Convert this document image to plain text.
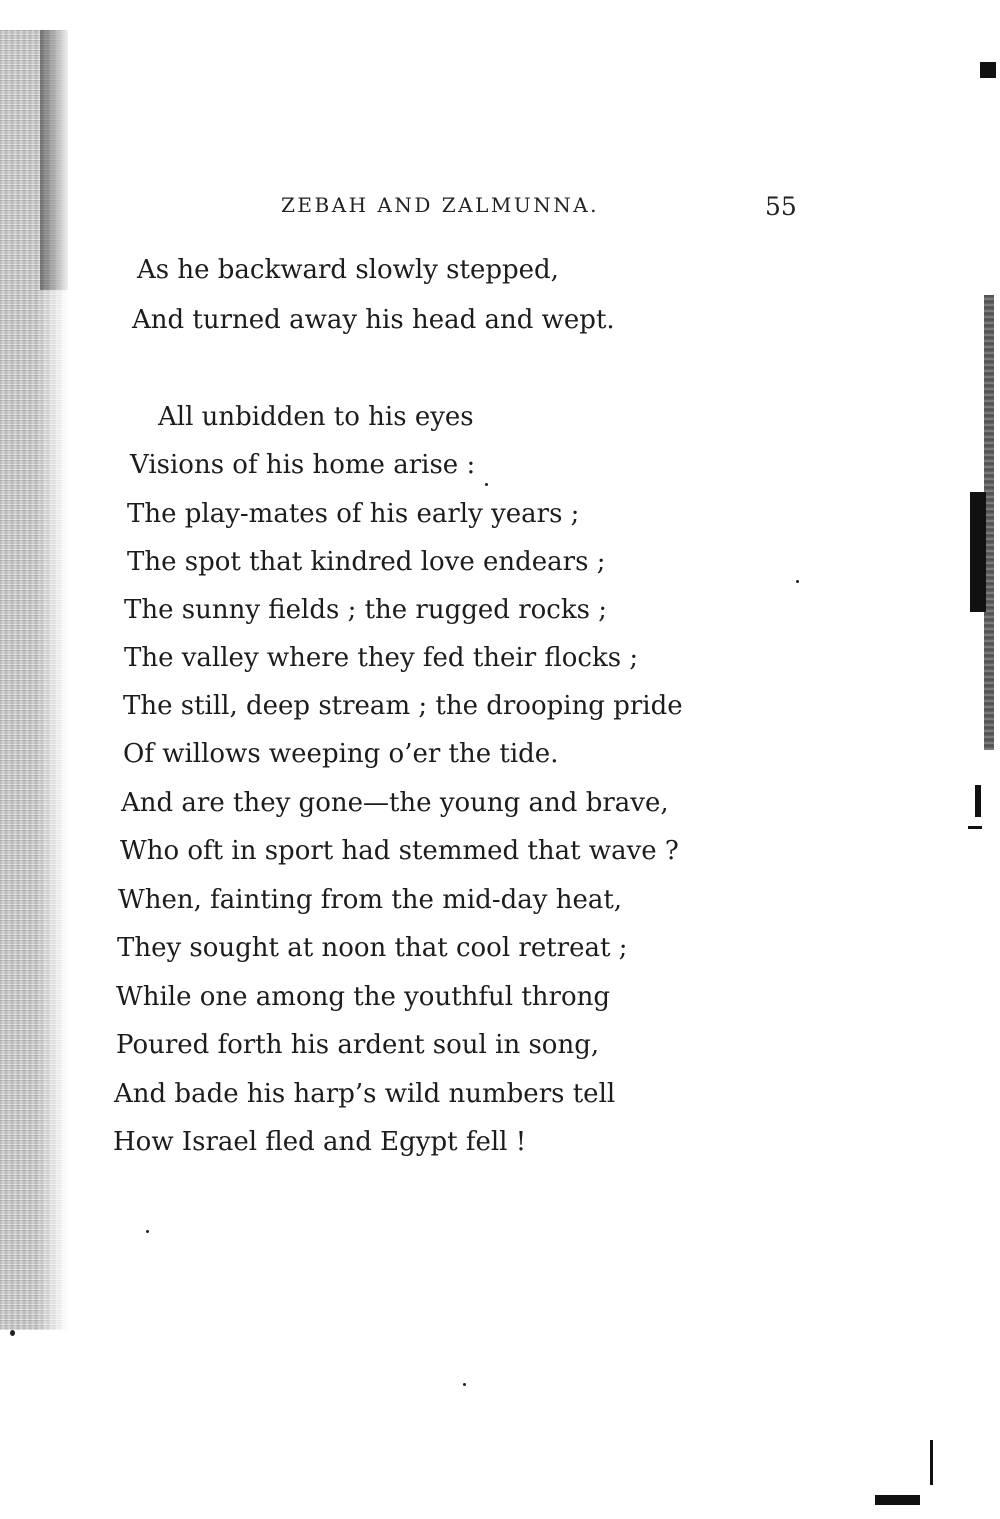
ZEBAH AND ZALMUNNA.	55
As he backward slowly stepped,
And turned away his head and wept.
All unbidden to his eyes
Visions of his home arise :
The play-mates of his early years ;
The spot that kindred love endears ;
The sunny fields ; the rugged rocks ;
The valley where they fed their flocks ;
The still, deep stream ; the drooping pride
Of willows weeping o’er the tide.
And are they gone—the young and brave,
Who oft in sport had stemmed that wave ?
When, fainting from the mid-day heat,
They sought at noon that cool retreat ;
While one among the youthful throng
Poured forth his ardent soul in song,
And bade his harp’s wild numbers tell
How Israel fled and Egypt fell !
